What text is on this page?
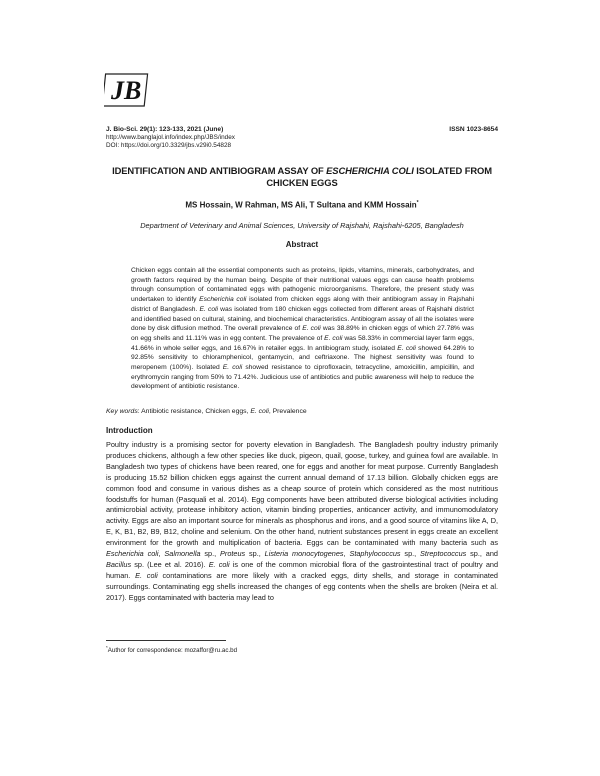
JB
J. Bio-Sci. 29(1): 123-133, 2021 (June)
http://www.banglajol.info/index.php/JBS/index
DOI: https://doi.org/10.3329/jbs.v29i0.54828
ISSN 1023-8654
IDENTIFICATION AND ANTIBIOGRAM ASSAY OF ESCHERICHIA COLI ISOLATED FROM CHICKEN EGGS
MS Hossain, W Rahman, MS Ali, T Sultana and KMM Hossain*
Department of Veterinary and Animal Sciences, University of Rajshahi, Rajshahi-6205, Bangladesh
Abstract

Chicken eggs contain all the essential components such as proteins, lipids, vitamins, minerals, carbohydrates, and growth factors required by the human being. Despite of their nutritional values eggs can cause health problems through consumption of contaminated eggs with pathogenic microorganisms. Therefore, the present study was undertaken to identify Escherichia coli isolated from chicken eggs along with their antibiogram assay in Rajshahi district of Bangladesh. E. coli was isolated from 180 chicken eggs collected from different areas of Rajshahi district and identified based on cultural, staining, and biochemical characteristics. Antibiogram assay of all the isolates were done by disk diffusion method. The overall prevalence of E. coli was 38.89% in chicken eggs of which 27.78% was on egg shells and 11.11% was in egg content. The prevalence of E. coli was 58.33% in commercial layer farm eggs, 41.66% in whole seller eggs, and 16.67% in retailer eggs. In antibiogram study, isolated E. coli showed 64.28% to 92.85% sensitivity to chloramphenicol, gentamycin, and ceftriaxone. The highest sensitivity was found to meropenem (100%). Isolated E. coli showed resistance to ciprofloxacin, tetracycline, amoxicillin, ampicillin, and erythromycin ranging from 50% to 71.42%. Judicious use of antibiotics and public awareness will help to reduce the development of antibiotic resistance.

Key words: Antibiotic resistance, Chicken eggs, E. coli, Prevalence
Introduction

Poultry industry is a promising sector for poverty elevation in Bangladesh. The Bangladesh poultry industry primarily produces chickens, although a few other species like duck, pigeon, quail, goose, turkey, and guinea fowl are available. In Bangladesh two types of chickens have been reared, one for eggs and another for meat purpose. Currently Bangladesh is producing 15.52 billion chicken eggs against the current annual demand of 17.13 billion. Globally chicken eggs are common food and consume in various dishes as a cheap source of protein which considered as the most nutritious foodstuffs for human (Pasquali et al. 2014). Egg components have been attributed diverse biological activities including antimicrobial activity, protease inhibitory action, vitamin binding properties, anticancer activity, and immunomodulatory activity. Eggs are also an important source for minerals as phosphorus and irons, and a good source of vitamins like A, D, E, K, B1, B2, B9, B12, choline and selenium. On the other hand, nutrient substances present in eggs create an excellent environment for the growth and multiplication of bacteria. Eggs can be contaminated with many bacteria such as Escherichia coli, Salmonella sp., Proteus sp., Listeria monocytogenes, Staphylococcus sp., Streptococcus sp., and Bacillus sp. (Lee et al. 2016). E. coli is one of the common microbial flora of the gastrointestinal tract of poultry and human. E. coli contaminations are more likely with a cracked eggs, dirty shells, and storage in contaminated surroundings. Contaminating egg shells increased the changes of egg contents when the shells are broken (Neira et al. 2017). Eggs contaminated with bacteria may lead to

*Author for correspondence: mozaffor@ru.ac.bd
